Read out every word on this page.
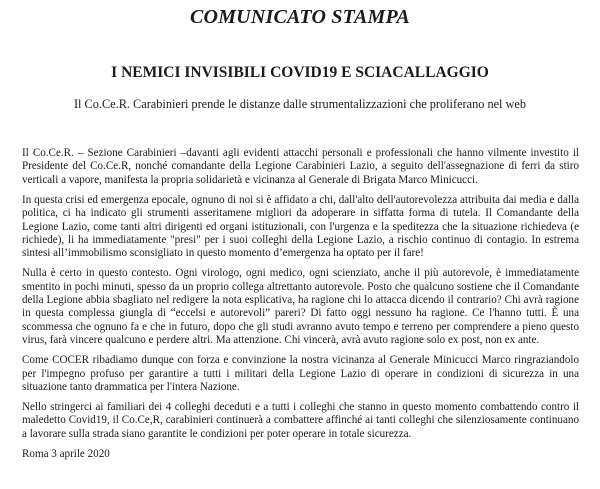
COMUNICATO STAMPA
I NEMICI INVISIBILI COVID19 E SCIACALLAGGIO
Il Co.Ce.R. Carabinieri prende le distanze dalle strumentalizzazioni che proliferano nel web

Il Co.Ce.R. – Sezione Carabinieri –davanti agli evidenti attacchi personali e professionali che hanno vilmente investito il Presidente del Co.Ce.R, nonché comandante della Legione Carabinieri Lazio, a seguito dell'assegnazione di ferri da stiro verticali a vapore, manifesta la propria solidarietà e vicinanza al Generale di Brigata Marco Minicucci.

In questa crisi ed emergenza epocale, ognuno di noi si è affidato a chi, dall'alto dell'autorevolezza attribuita dai media e dalla politica, ci ha indicato gli strumenti asseritamene migliori da adoperare in siffatta forma di tutela. Il Comandante della Legione Lazio, come tanti altri dirigenti ed organi istituzionali, con l'urgenza e la speditezza che la situazione richiedeva (e richiede), li ha immediatamente "presi" per i suoi colleghi della Legione Lazio, a rischio continuo di contagio. In estrema sintesi all’immobilismo sconsigliato in questo momento d’emergenza ha optato per il fare!

Nulla è certo in questo contesto. Ogni virologo, ogni medico, ogni scienziato, anche il più autorevole, è immediatamente smentito in pochi minuti, spesso da un proprio collega altrettanto autorevole. Posto che qualcuno sostiene che il Comandante della Legione abbia sbagliato nel redigere la nota esplicativa, ha ragione chi lo attacca dicendo il contrario? Chi avrà ragione in questa complessa giungla di “eccelsi e autorevoli” pareri? Di fatto oggi nessuno ha ragione. Ce l'hanno tutti. È una scommessa che ognuno fa e che in futuro, dopo che gli studi avranno avuto tempo e terreno per comprendere a pieno questo virus, farà vincere qualcuno e perdere altri. Ma attenzione. Chi vincerà, avrà avuto ragione solo ex post, non ex ante.

Come COCER ribadiamo dunque con forza e convinzione la nostra vicinanza al Generale Minicucci Marco ringraziandolo per l'impegno profuso per garantire a tutti i militari della Legione Lazio di operare in condizioni di sicurezza in una situazione tanto drammatica per l'intera Nazione.

Nello stringerci ai familiari dei 4 colleghi deceduti e a tutti i colleghi che stanno in questo momento combattendo contro il maledetto Covid19, il Co.Ce,R, carabinieri continuerà a combattere affinché ai tanti colleghi che silenziosamente continuano a lavorare sulla strada siano garantite le condizioni per poter operare in totale sicurezza.

Roma 3 aprile 2020
